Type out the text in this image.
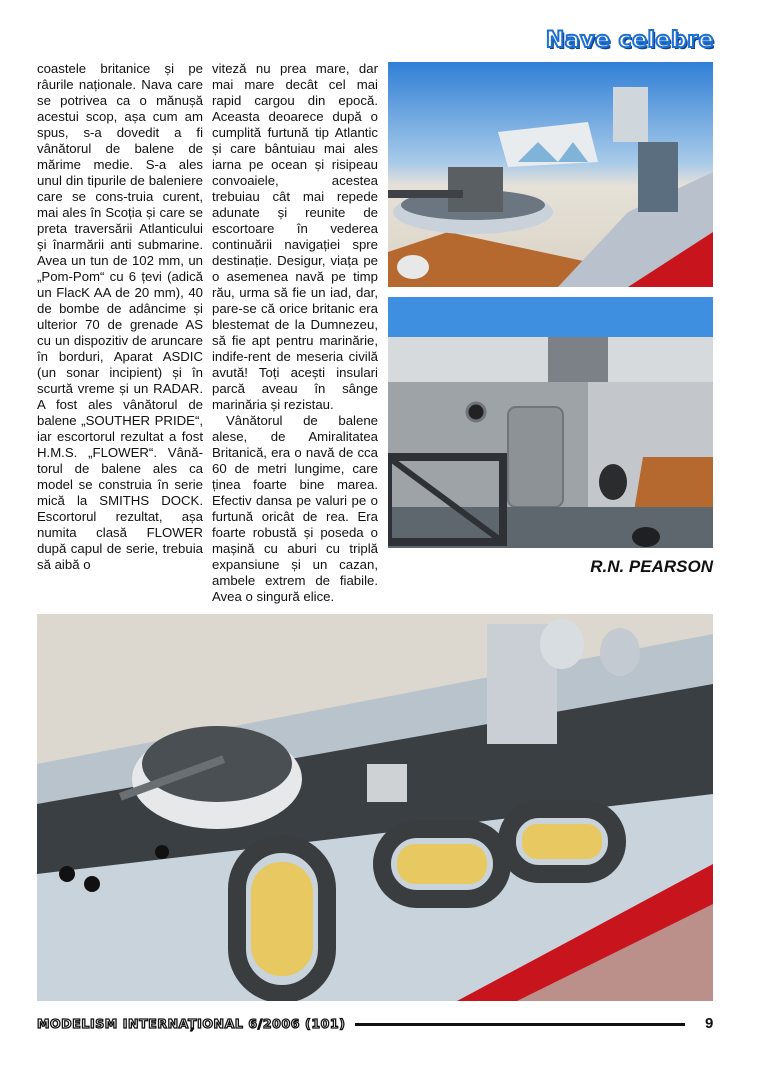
Nave celebre

coastele britanice și pe râurile naționale. Nava care se potrivea ca o mănușă acestui scop, așa cum am spus, s-a dovedit a fi vânătorul de balene de mărime medie. S-a ales unul din tipurile de baleniere care se cons-truia curent, mai ales în Scoția și care se preta traversării Atlanticului și înarmării anti submarine. Avea un tun de 102 mm, un „Pom-Pom“ cu 6 țevi (adică un FlacK AA de 20 mm), 40 de bombe de adâncime și ulterior 70 de grenade AS cu un dispozitiv de aruncare în borduri, Aparat ASDIC (un sonar incipient) și în scurtă vreme și un RADAR. A fost ales vânătorul de balene „SOUTHER PRIDE“, iar escortorul rezultat a fost H.M.S. „FLOWER“. Vână-torul de balene ales ca model se construia în serie mică la SMITHS DOCK. Escortorul rezultat, așa numita clasă FLOWER după capul de serie, trebuia să aibă o

viteză nu prea mare, dar mai mare decât cel mai rapid cargou din epocă. Aceasta deoarece după o cumplită furtună tip Atlantic și care bântuiau mai ales iarna pe ocean și risipeau convoaiele, acestea trebuiau cât mai repede adunate și reunite de escortoare în vederea continuării navigației spre destinație. Desigur, viața pe o asemenea navă pe timp rău, urma să fie un iad, dar, pare-se că orice britanic era blestemat de la Dumnezeu, să fie apt pentru marinărie, indife-rent de meseria civilă avută! Toți acești insulari parcă aveau în sânge marinăria și rezistau.

Vânătorul de balene alese, de Amiralitatea Britanică, era o navă de cca 60 de metri lungime, care ținea foarte bine marea. Efectiv dansa pe valuri pe o furtună oricât de rea. Era foarte robustă și poseda o mașină cu aburi cu triplă expansiune și un cazan, ambele extrem de fiabile. Avea o singură elice.

R.N. PEARSON
MODELISM INTERNAȚIONAL 6/2006 (101)	9
